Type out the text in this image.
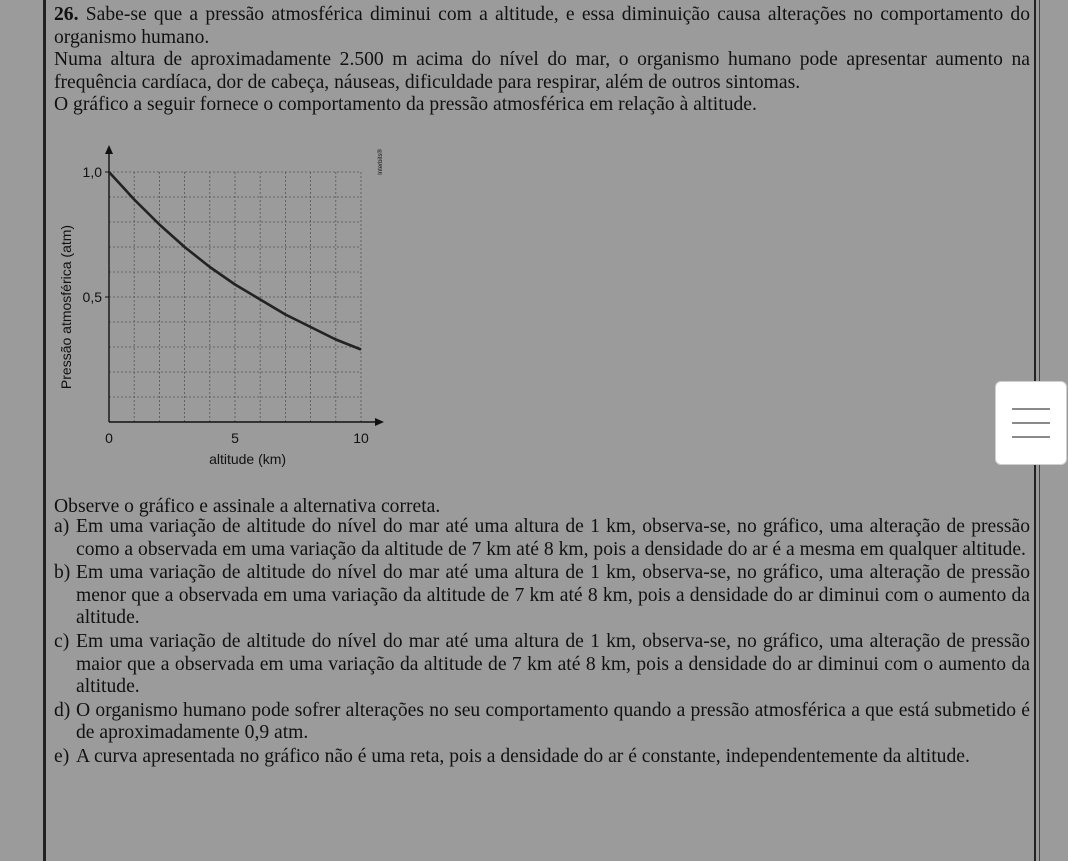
26. Sabe-se que a pressão atmosférica diminui com a altitude, e essa diminuição causa alterações no comportamento do organismo humano.

Numa altura de aproximadamente 2.500 m acima do nível do mar, o organismo humano pode apresentar aumento na frequência cardíaca, dor de cabeça, náuseas, dificuldade para respirar, além de outros sintomas.

O gráfico a seguir fornece o comportamento da pressão atmosférica em relação à altitude.

1,0
0,5
0	5	10
altitude (km)
Pressão atmosférica (atm)
Interbits®
Observe o gráfico e assinale a alternativa correta.
a) Em uma variação de altitude do nível do mar até uma altura de 1 km, observa-se, no gráfico, uma alteração de pressão como a observada em uma variação da altitude de 7 km até 8 km, pois a densidade do ar é a mesma em qualquer altitude.
b) Em uma variação de altitude do nível do mar até uma altura de 1 km, observa-se, no gráfico, uma alteração de pressão menor que a observada em uma variação da altitude de 7 km até 8 km, pois a densidade do ar diminui com o aumento da altitude.
c) Em uma variação de altitude do nível do mar até uma altura de 1 km, observa-se, no gráfico, uma alteração de pressão maior que a observada em uma variação da altitude de 7 km até 8 km, pois a densidade do ar diminui com o aumento da altitude.
d) O organismo humano pode sofrer alterações no seu comportamento quando a pressão atmosférica a que está submetido é de aproximadamente 0,9 atm.
e) A curva apresentada no gráfico não é uma reta, pois a densidade do ar é constante, independentemente da altitude.
